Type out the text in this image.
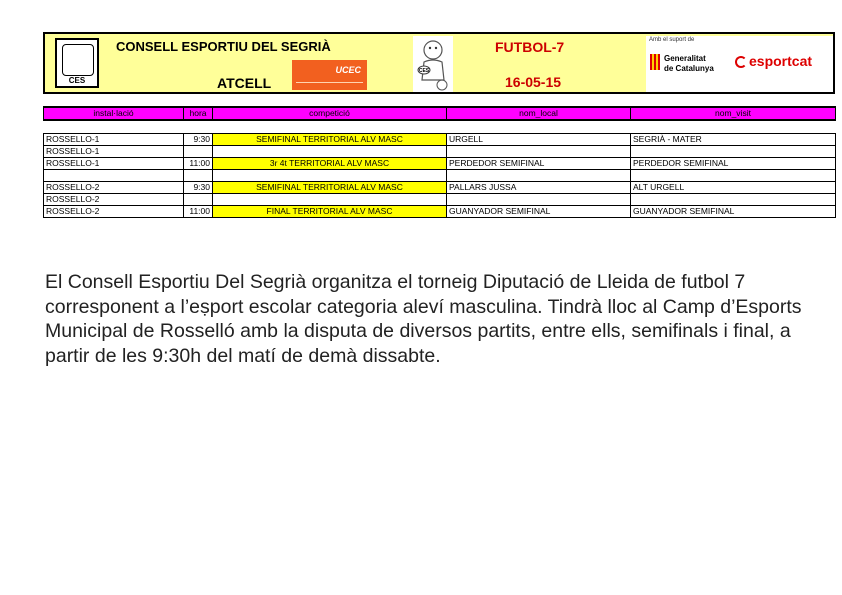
CES
CONSELL ESPORTIU DEL SEGRIÀ
ATCELL
UCEC	CES
FUTBOL-7
16-05-15
Amb el suport de
Generalitat
de Catalunya	esportcat
instal·lació	hora	competició	nom_local	nom_visit

ROSSELLO-1	9:30	SEMIFINAL TERRITORIAL ALV MASC	URGELL	SEGRIÀ - MATER
ROSSELLO-1				
ROSSELLO-1	11:00	3r 4t TERRITORIAL ALV MASC	PERDEDOR SEMIFINAL	PERDEDOR SEMIFINAL

ROSSELLO-2	9:30	SEMIFINAL TERRITORIAL ALV MASC	PALLARS JUSSA	ALT URGELL
ROSSELLO-2				
ROSSELLO-2	11:00	FINAL TERRITORIAL ALV MASC	GUANYADOR SEMIFINAL	GUANYADOR SEMIFINAL
El Consell Esportiu Del Segrià organitza el torneig Diputació de Lleida de futbol 7 corresponent a l’eṣport escolar categoria aleví masculina. Tindrà lloc al Camp d’Esports Municipal de Rosselló amb la disputa de diversos partits, entre ells, semifinals i final, a partir de les 9:30h del matí de demà dissabte.
